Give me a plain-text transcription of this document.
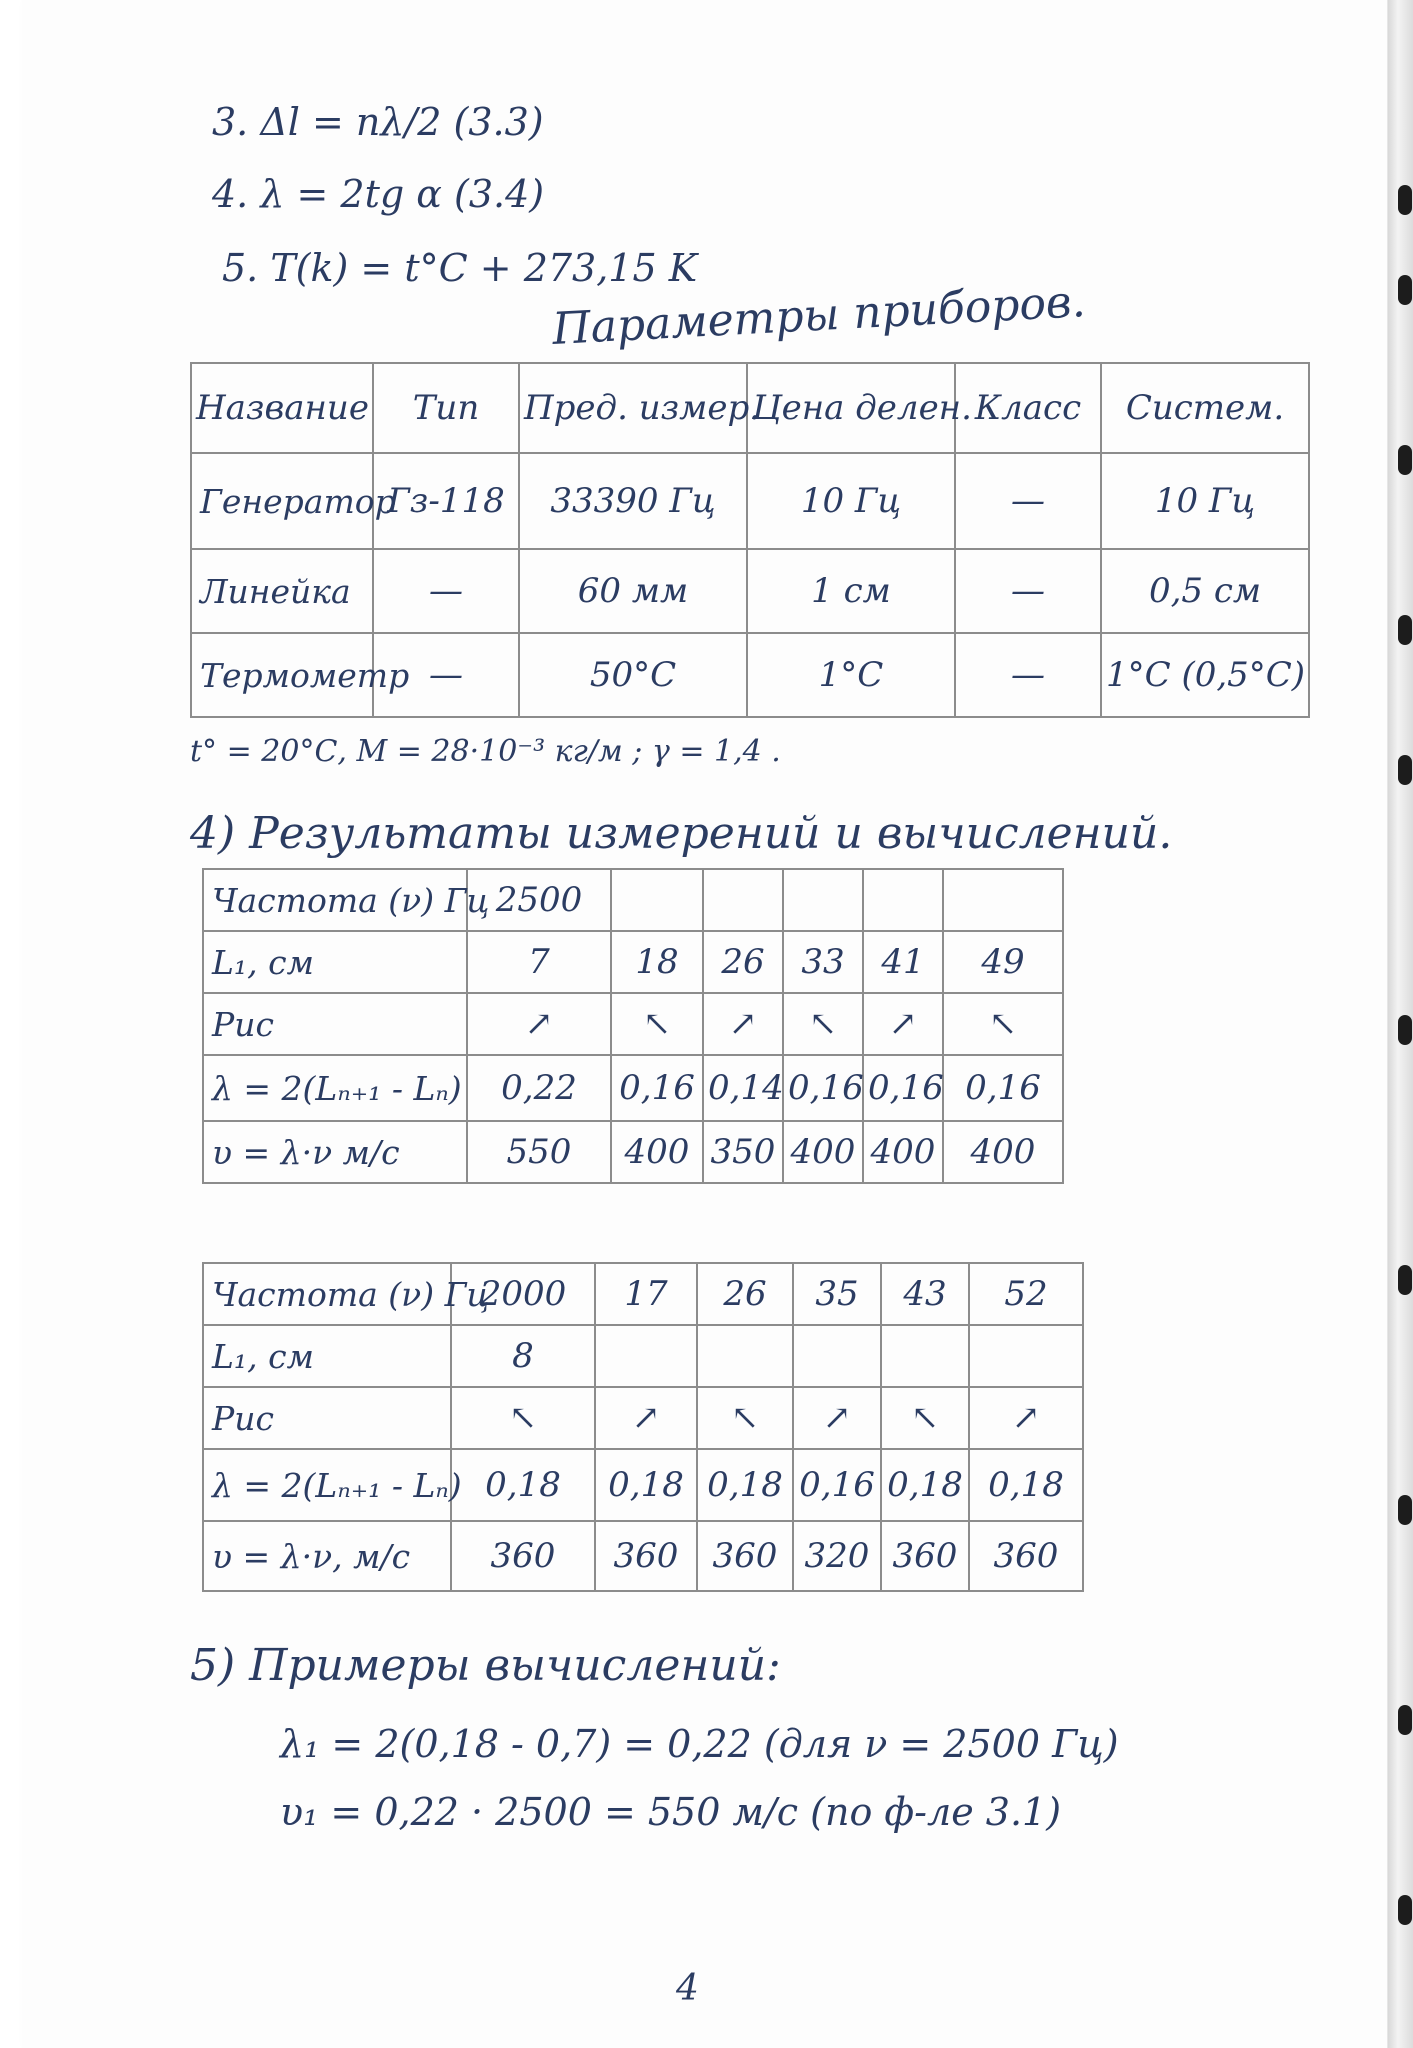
3. Δl = nλ/2 (3.3)
4. λ = 2tg α (3.4)
5. T(k) = t°C + 273,15 K
Параметры приборов.
Название	Тип	Пред. измер.	Цена делен.	Класс	Систем.
Генератор	Гз-118	33390 Гц	10 Гц	—	10 Гц
Линейка	—	60 мм	1 см	—	0,5 см
Термометр	—	50°С	1°С	—	1°С (0,5°С)
t° = 20°С, M = 28·10⁻³ кг/м ; γ = 1,4 .
4) Результаты измерений и вычислений.
Частота (ν) Гц	2500					
L₁, см	7	18	26	33	41	49
Рис	↗	↖	↗	↖	↗	↖
λ = 2(Lₙ₊₁ - Lₙ)	0,22	0,16	0,14	0,16	0,16	0,16
υ = λ·ν м/с	550	400	350	400	400	400
Частота (ν) Гц	2000	17	26	35	43	52
L₁, см	8					
Рис	↖	↗	↖	↗	↖	↗
λ = 2(Lₙ₊₁ - Lₙ)	0,18	0,18	0,18	0,16	0,18	0,18
υ = λ·ν, м/с	360	360	360	320	360	360
5) Примеры вычислений:
λ₁ = 2(0,18 - 0,7) = 0,22 (для ν = 2500 Гц)
υ₁ = 0,22 · 2500 = 550 м/с (по ф-ле 3.1)
4
